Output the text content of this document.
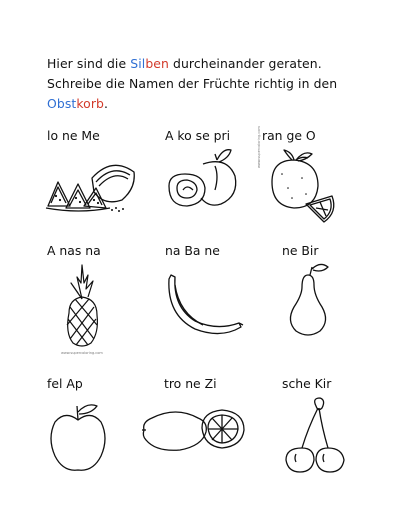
Hier sind die Silben durcheinander geraten.
Schreibe die Namen der Früchte richtig in den
Obstkorb.
lo ne Me	A ko se pri	ran ge O
www.supercoloring.com
A nas na
www.supercoloring.com
na Ba ne	ne Bir
fel Ap	tro ne Zi	sche Kir
